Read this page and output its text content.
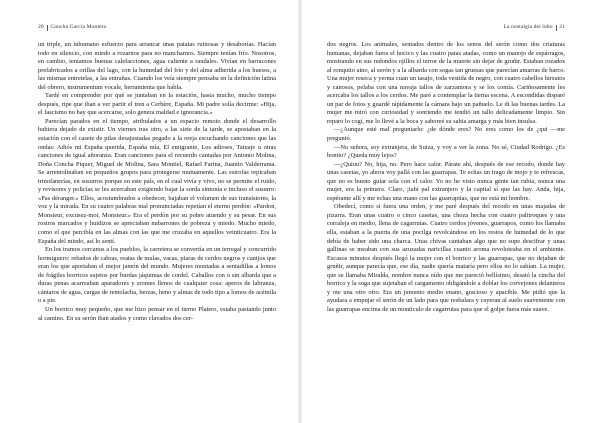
20 Concha García Montero

un triple, un inhumano esfuerzo para arrancar unas patatas ruinosas y desaborías. Hacían todo en silencio, con miedo a rozarnos para no mancharnos. Siempre tenían frío. Nosotros, en cambio, teníamos buenas calefacciones, agua caliente a raudales. Vivían en barracones prefabricados a orillas del lago, con la humedad del frío y del alma adherida a los huesos, a las mismas entretelas, a las entrañas. Cuando los veía siempre pensaba en la definición latina del obrero, instrumentum vocale, herramienta que habla.

Tardé en comprender por qué se juntaban en la estación, hasta mucho, mucho tiempo después, ripe que iban a ver partir el tren a Cerbère, España. Mi padre solía decirme: «Hija, el fascismo no hay que acercarse, solo genera maldad e ignorancia.»

Parecían parados en el tiempo, atribulados a un espacio remoto donde el desarrollo hubiera dejado de existir. Un viernes tras otro, a las siete de la tarde, se apostaban en la estación con el casete de pilas desajustadas pegado a la oreja escuchando canciones que las ondas: Adiós mi España querida, España mía, El emigrante, Los adioses, Tatuaje u otras canciones de igual añoranza. Eran canciones para el recuerdo cantadas por Antonio Molina, Doña Concha Piquer, Miguel de Molina, Sara Montiel, Rafael Farina, Juanito Valderrama. Se arremolinaban en pequeños grupos para protegerse mutuamente. Las estrofas repicaban trinofanerías, en susurros porque en este país, en el cual vivía y vivo, no se permite el ruido, y revisores y policías se les acercaban exigiendo bajar la sorda sintonía e incluso el susurro: «Pas déranger.» Ellos, acostumbrados a obedecer, bajaban el volumen de sus transistores, la voz y la mirada. En su cuatro palabras mal pronunciadas repetían el eterno perdón: «Pardon, Monsieur, excusez-moi, Monsieur.» Era el perdón por su pobre atuendo y su pesar. En sus rostros marcados y huidizos se apreciaban nubarrones de pobreza y miedo. Mucho miedo, como el que percibía en las almas con las que me cruzaba en aquellos veinticuatro. Era la España del miedo, así lo sentí.

En los tramos cercanos a los pueblos, la carretera se convertía en un terregal y concurrido hormiguero: rebaños de cabras, reatas de mulas, vacas, piaras de cerdos negros y canijos que eran los que aportaban el mejor jamón del mundo. Mujeres montadas a sentadillas a lomos de frágiles borricos sujetos por burdas jáquimas de cordel. Caballos con o sin albarda que a duras penas acarreaban aparadores y sromes llenos de cualquier cosa: aperos de labranza, cántaros de agua, cargas de remolacha, berzas, heno y almas de todo tipo a lomos de acémila o a pie.

Un borrico muy pequeño, que me hizo pensar en el tierno Platero, estaba pastando junto al camino. En su serón iban atados y como clavados dos cer-

La nostalgia del lobo 21

dos negros. Los animales, sentados dentro de los senos del serón como dos criaturas humanas, dejaban fuera el hocico y las cuatro patas atadas, como un manojo de espárragos, mostrando en sus redondos ojillos el terror de la muerte sin dejar de gruñir. Estaban rozados al ronquito aino, al serón y a la albarda con sogas tan gruesas que parecían amarras de barco. Una mujer reseca y yerma cuan un tasajo, toda vestida de negro, con cuatro cabellos hirsutos y canosos, pelaba con una navaja tallos de zarzamora y se los comía. Cariñosamente les acercaba los tallos a los cerdos. Me paré a contemplar la tierna escena. A escondidas disparé un par de fotos y guardé rápidamente la cámara bajo un pañuelo. Le di las buenas tardes. La mujer me miró con curiosidad y sonriendo me tendió un tallo delicadamente limpio. Sin reparo lo cogí, me lo llevé a la boca y saboreé su sabia amarga y más bien insulsa.

—¿Aunque esté mal preguntarlo: ¿de dónde eres? No eres como los de ¿qui —me preguntó.

—No señora, soy extranjera, de Suiza, y voy a ver la zona. No sé, Ciudad Rodrigo. ¿Es bonito? ¿Queda muy lejos?

—¿Quiuu? No, hija, no. Pero hace calor. Párate ahí, después de ese recodo, donde hay unas casetas, yo ahora voy pallá con las guarrapas. Te echas un trago de mojo y te refrescas, que no es bueno guiar sola con el calor. Yo no he visto nunca gente tan rubia, nunca una mujer, era la primera. Claro, ¡tabí pal extranjero y la capital sí que las hay. Anda, hija, espérame allí y me echas una mano con las guarrapitas, que no está mi hombre.

Obedecí, como si fuera una orden, y me paré después del recodo en unas majadas de pizarra. Eran unas cuatro o cinco casetas, una choza hecha con cuatro palitroques y una corraleja en medio, llena de cagarrutas. Cuatro cerdos jóvenes, guarrapos, como los llamaba ella, estaban a la puerta de una pocilga revolcándose en los restos de humedad de lo que debía de haber sido una charca. Unas chivas cantaban algo que no supe descifrar y unas gallinas se meaban con sus azuzadas naricillas cuanto aroma revoloteaba en el ambiente. Escasos minutos después llegó la mujer con el borrico y las guarrapas, que no dejaban de gruñir, aunque parecía que, ese día, nadie quería mataría pero ellos no lo sabían. La mujer, que se llamaba Miralda, nombre nunca oído que me pareció bellísimo, desató la cincha del borrico y la soga que sujetaban el cargamento obligándole a doblar los corvejones delanteros y ote una otro otro. Era un jumento medio enano, gracioso y apacible. Me pidió que la ayudara a empujar el serón de un lado para que resbalara y cayeran al suelo suavemente con las guarrapas encima de un montículo de cagarrutas para que el golpe fuera más suave.
